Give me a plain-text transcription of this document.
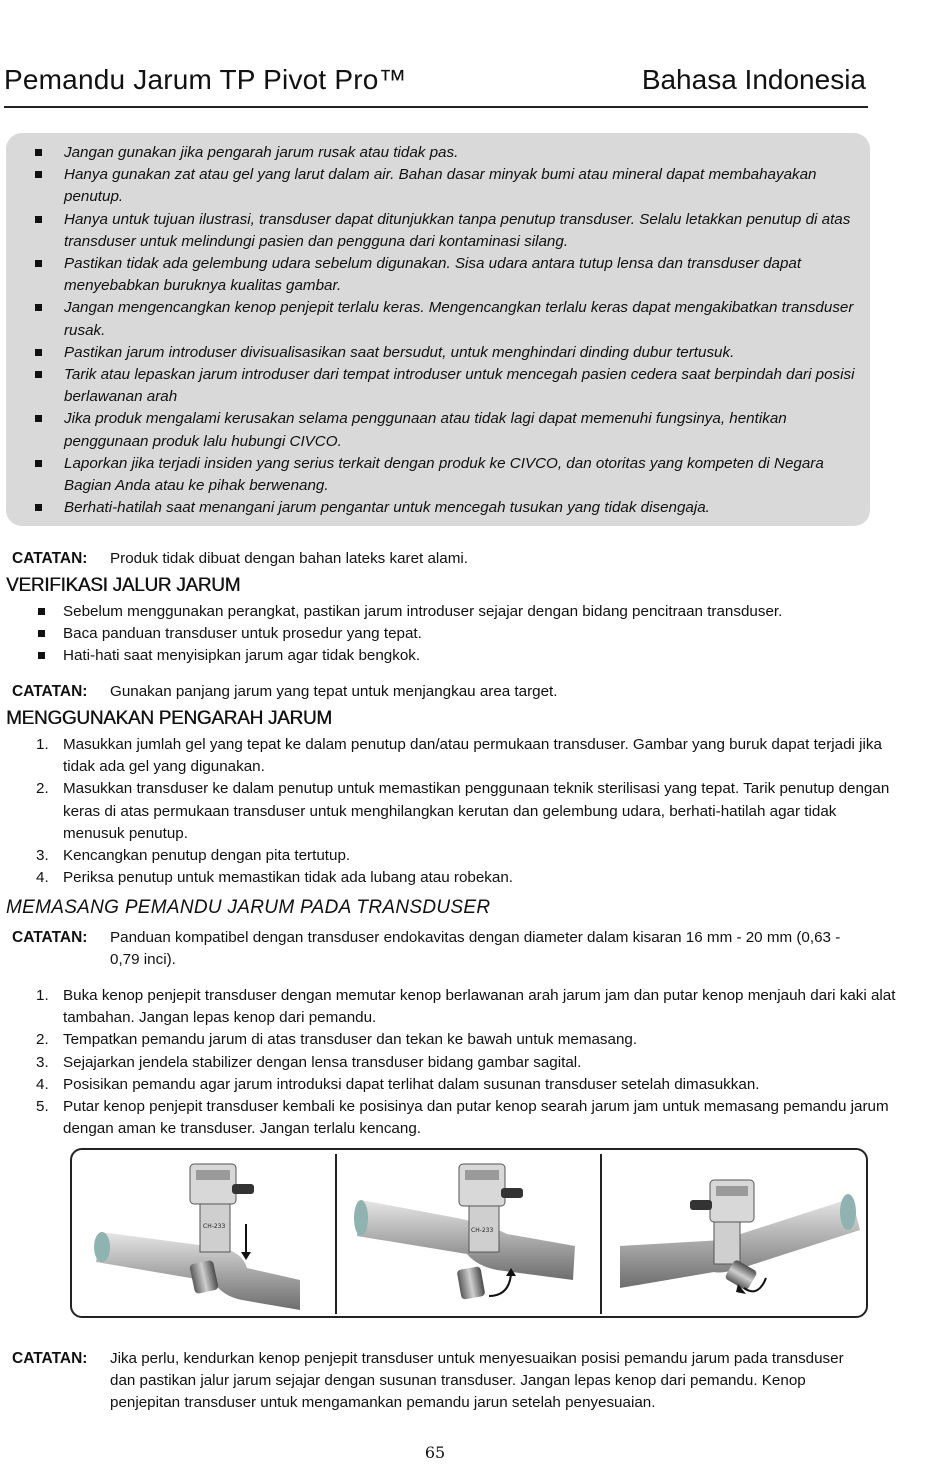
Pemandu Jarum TP Pivot Pro™	Bahasa Indonesia
Jangan gunakan jika pengarah jarum rusak atau tidak pas.
Hanya gunakan zat atau gel yang larut dalam air. Bahan dasar minyak bumi atau mineral dapat membahayakan penutup.
Hanya untuk tujuan ilustrasi, transduser dapat ditunjukkan tanpa penutup transduser. Selalu letakkan penutup di atas transduser untuk melindungi pasien dan pengguna dari kontaminasi silang.
Pastikan tidak ada gelembung udara sebelum digunakan. Sisa udara antara tutup lensa dan transduser dapat menyebabkan buruknya kualitas gambar.
Jangan mengencangkan kenop penjepit terlalu keras. Mengencangkan terlalu keras dapat mengakibatkan transduser rusak.
Pastikan jarum introduser divisualisasikan saat bersudut, untuk menghindari dinding dubur tertusuk.
Tarik atau lepaskan jarum introduser dari tempat introduser untuk mencegah pasien cedera saat berpindah dari posisi berlawanan arah
Jika produk mengalami kerusakan selama penggunaan atau tidak lagi dapat memenuhi fungsinya, hentikan penggunaan produk lalu hubungi CIVCO.
Laporkan jika terjadi insiden yang serius terkait dengan produk ke CIVCO, dan otoritas yang kompeten di Negara Bagian Anda atau ke pihak berwenang.
Berhati-hatilah saat menangani jarum pengantar untuk mencegah tusukan yang tidak disengaja.
CATATAN: Produk tidak dibuat dengan bahan lateks karet alami.
VERIFIKASI JALUR JARUM
Sebelum menggunakan perangkat, pastikan jarum introduser sejajar dengan bidang pencitraan transduser.
Baca panduan transduser untuk prosedur yang tepat.
Hati-hati saat menyisipkan jarum agar tidak bengkok.
CATATAN: Gunakan panjang jarum yang tepat untuk menjangkau area target.
MENGGUNAKAN PENGARAH JARUM
1. Masukkan jumlah gel yang tepat ke dalam penutup dan/atau permukaan transduser. Gambar yang buruk dapat terjadi jika tidak ada gel yang digunakan.
2. Masukkan transduser ke dalam penutup untuk memastikan penggunaan teknik sterilisasi yang tepat. Tarik penutup dengan keras di atas permukaan transduser untuk menghilangkan kerutan dan gelembung udara, berhati-hatilah agar tidak menusuk penutup.
3. Kencangkan penutup dengan pita tertutup.
4. Periksa penutup untuk memastikan tidak ada lubang atau robekan.
MEMASANG PEMANDU JARUM PADA TRANSDUSER
CATATAN: Panduan kompatibel dengan transduser endokavitas dengan diameter dalam kisaran 16 mm - 20 mm (0,63 - 0,79 inci).
1. Buka kenop penjepit transduser dengan memutar kenop berlawanan arah jarum jam dan putar kenop menjauh dari kaki alat tambahan. Jangan lepas kenop dari pemandu.
2. Tempatkan pemandu jarum di atas transduser dan tekan ke bawah untuk memasang.
3. Sejajarkan jendela stabilizer dengan lensa transduser bidang gambar sagital.
4. Posisikan pemandu agar jarum introduksi dapat terlihat dalam susunan transduser setelah dimasukkan.
5. Putar kenop penjepit transduser kembali ke posisinya dan putar kenop searah jarum jam untuk memasang pemandu jarum dengan aman ke transduser. Jangan terlalu kencang.
CH-233
CH-233
CATATAN: Jika perlu, kendurkan kenop penjepit transduser untuk menyesuaikan posisi pemandu jarum pada transduser dan pastikan jalur jarum sejajar dengan susunan transduser. Jangan lepas kenop dari pemandu. Kenop penjepitan transduser untuk mengamankan pemandu jarun setelah penyesuaian.
65
